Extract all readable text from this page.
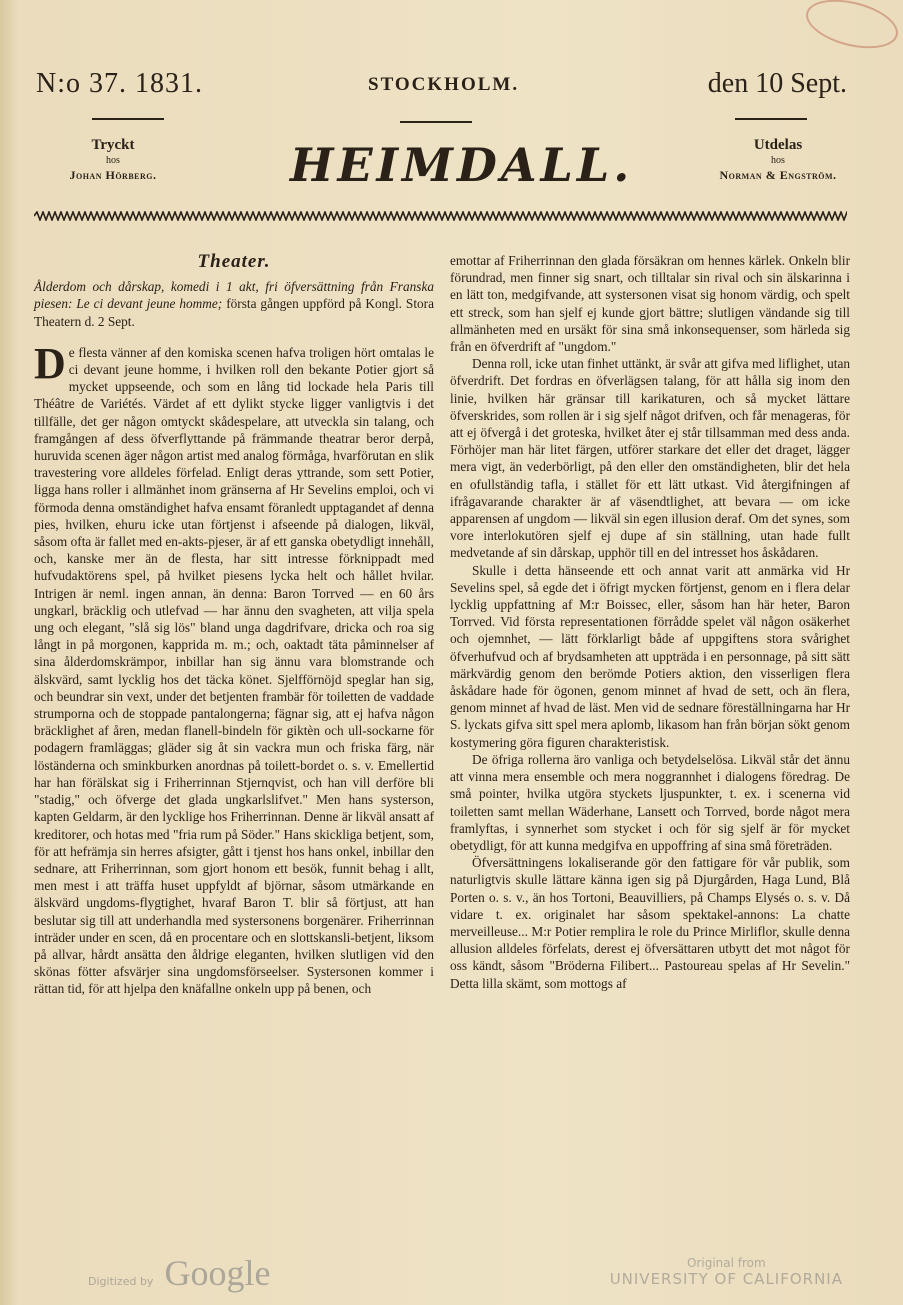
N:o 37. 1831.	STOCKHOLM.	den 10 Sept.
Tryckt
hos
Johan Hörberg.	HEIMDALL.	Utdelas
hos
Norman & Engström.

Theater.

Ålderdom och dårskap, komedi i 1 akt, fri öfversättning från Franska piesen: Le ci devant jeune homme; första gången uppförd på Kongl. Stora Theatern d. 2 Sept.

De flesta vänner af den komiska scenen hafva troligen hört omtalas le ci devant jeune homme, i hvilken roll den bekante Potier gjort så mycket uppseende, och som en lång tid lockade hela Paris till Théâtre de Variétés. Värdet af ett dylikt stycke ligger vanligtvis i det tillfälle, det ger någon omtyckt skådespelare, att utveckla sin talang, och framgången af dess öfverflyttande på främmande theatrar beror derpå, huruvida scenen äger någon artist med analog förmåga, hvarförutan en slik travestering vore alldeles förfelad. Enligt deras yttrande, som sett Potier, ligga hans roller i allmänhet inom gränserna af Hr Sevelins emploi, och vi förmoda denna omständighet hafva ensamt föranledt upptagandet af denna pies, hvilken, ehuru icke utan förtjenst i afseende på dialogen, likväl, såsom ofta är fallet med en-akts-pjeser, är af ett ganska obetydligt innehåll, och, kanske mer än de flesta, har sitt intresse förknippadt med hufvudaktörens spel, på hvilket piesens lycka helt och hållet hvilar. Intrigen är neml. ingen annan, än denna: Baron Torrved — en 60 års ungkarl, bräcklig och utlefvad — har ännu den svagheten, att vilja spela ung och elegant, "slå sig lös" bland unga dagdrifvare, dricka och roa sig långt in på morgonen, kapprida m. m.; och, oaktadt täta påminnelser af sina ålderdomskrämpor, inbillar han sig ännu vara blomstrande och älskvärd, samt lycklig hos det täcka könet. Sjelfförnöjd speglar han sig, och beundrar sin vext, under det betjenten frambär för toiletten de vaddade strumporna och de stoppade pantalongerna; fägnar sig, att ej hafva någon bräcklighet af åren, medan flanell-bindeln för giktèn och ull-sockarne för podagern framläggas; gläder sig åt sin vackra mun och friska färg, när löständerna och sminkburken anordnas på toilett-bordet o. s. v. Emellertid har han förälskat sig i Friherrinnan Stjernqvist, och han vill derföre bli "stadig," och öfverge det glada ungkarlslifvet." Men hans systerson, kapten Geldarm, är den lycklige hos Friherrinnan. Denne är likväl ansatt af kreditorer, och hotas med "fria rum på Söder." Hans skickliga betjent, som, för att hefrämja sin herres afsigter, gått i tjenst hos hans onkel, inbillar den sednare, att Friherrinnan, som gjort honom ett besök, funnit behag i allt, men mest i att träffa huset uppfyldt af björnar, såsom utmärkande en älskvärd ungdoms-flygtighet, hvaraf Baron T. blir så förtjust, att han beslutar sig till att underhandla med systersonens borgenärer. Friherrinnan inträder under en scen, då en procentare och en slottskansli-betjent, liksom på allvar, hårdt ansätta den åldrige eleganten, hvilken slutligen vid den skönas fötter afsvärjer sina ungdomsförseelser. Systersonen kommer i rättan tid, för att hjelpa den knäfallne onkeln upp på benen, och

emottar af Friherrinnan den glada försäkran om hennes kärlek. Onkeln blir förundrad, men finner sig snart, och tilltalar sin rival och sin älskarinna i en lätt ton, medgifvande, att systersonen visat sig honom värdig, och spelt ett streck, som han sjelf ej kunde gjort bättre; slutligen vändande sig till allmänheten med en ursäkt för sina små inkonsequenser, som härleda sig från en öfverdrift af "ungdom."

Denna roll, icke utan finhet uttänkt, är svår att gifva med liflighet, utan öfverdrift. Det fordras en öfverlägsen talang, för att hålla sig inom den linie, hvilken här gränsar till karikaturen, och så mycket lättare öfverskrides, som rollen är i sig sjelf något drifven, och får menageras, för att ej öfvergå i det groteska, hvilket åter ej står tillsamman med dess anda. Förhöjer man här litet färgen, utförer starkare det eller det draget, lägger mera vigt, än vederbörligt, på den eller den omständigheten, blir det hela en ofullständig tafla, i stället för ett lätt utkast. Vid återgifningen af ifrågavarande charakter är af väsendtlighet, att bevara — om icke apparensen af ungdom — likväl sin egen illusion deraf. Om det synes, som vore interlokutören sjelf ej dupe af sin ställning, utan hade fullt medvetande af sin dårskap, upphör till en del intresset hos åskådaren.

Skulle i detta hänseende ett och annat varit att anmärka vid Hr Sevelins spel, så egde det i öfrigt mycken förtjenst, genom en i flera delar lycklig uppfattning af M:r Boissec, eller, såsom han här heter, Baron Torrved. Vid första representationen förrådde spelet väl någon osäkerhet och ojemnhet, — lätt förklarligt både af uppgiftens stora svårighet öfverhufvud och af brydsamheten att uppträda i en personnage, på sitt sätt märkvärdig genom den berömde Potiers aktion, den visserligen flera åskådare hade för ögonen, genom minnet af hvad de sett, och än flera, genom minnet af hvad de läst. Men vid de sednare föreställningarna har Hr S. lyckats gifva sitt spel mera aplomb, likasom han från början sökt genom kostymering göra figuren charakteristisk.

De öfriga rollerna äro vanliga och betydelselösa. Likväl står det ännu att vinna mera ensemble och mera noggrannhet i dialogens föredrag. De små pointer, hvilka utgöra styckets ljuspunkter, t. ex. i scenerna vid toiletten samt mellan Wäderhane, Lansett och Torrved, borde något mera framlyftas, i synnerhet som stycket i och för sig sjelf är för mycket obetydligt, för att kunna medgifva en uppoffring af sina små företräden.

Öfversättningens lokaliserande gör den fattigare för vår publik, som naturligtvis skulle lättare känna igen sig på Djurgården, Haga Lund, Blå Porten o. s. v., än hos Tortoni, Beauvilliers, på Champs Elysés o. s. v. Då vidare t. ex. originalet har såsom spektakel-annons: La chatte merveilleuse... M:r Potier remplira le role du Prince Mirliflor, skulle denna allusion alldeles förfelats, derest ej öfversättaren utbytt det mot något för oss kändt, såsom "Bröderna Filibert... Pastoureau spelas af Hr Sevelin." Detta lilla skämt, som mottogs af

Digitized by Google	Original from
UNIVERSITY OF CALIFORNIA
